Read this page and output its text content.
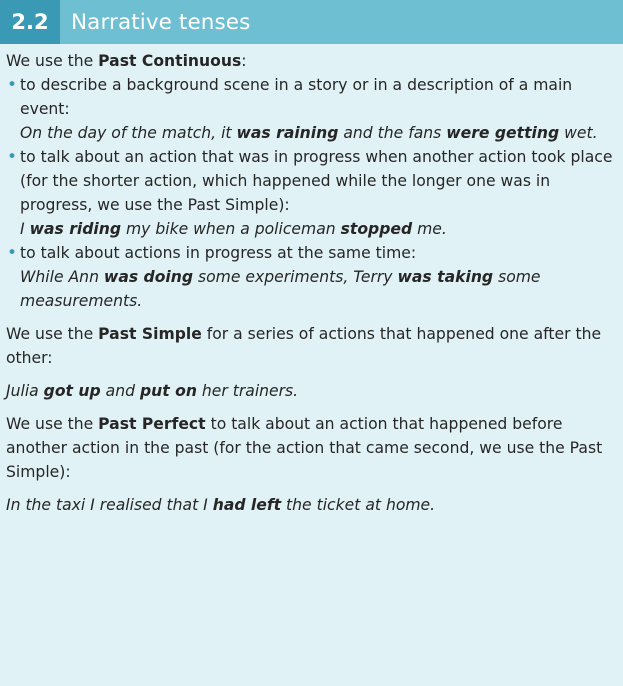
2.2	Narrative tenses

We use the Past Continuous:

• to describe a background scene in a story or in a description of a main event:
On the day of the match, it was raining and the fans were getting wet.
• to talk about an action that was in progress when another action took place (for the shorter action, which happened while the longer one was in progress, we use the Past Simple):
I was riding my bike when a policeman stopped me.
• to talk about actions in progress at the same time:
While Ann was doing some experiments, Terry was taking some measurements.

We use the Past Simple for a series of actions that happened one after the other:

Julia got up and put on her trainers.

We use the Past Perfect to talk about an action that happened before another action in the past (for the action that came second, we use the Past Simple):

In the taxi I realised that I had left the ticket at home.
